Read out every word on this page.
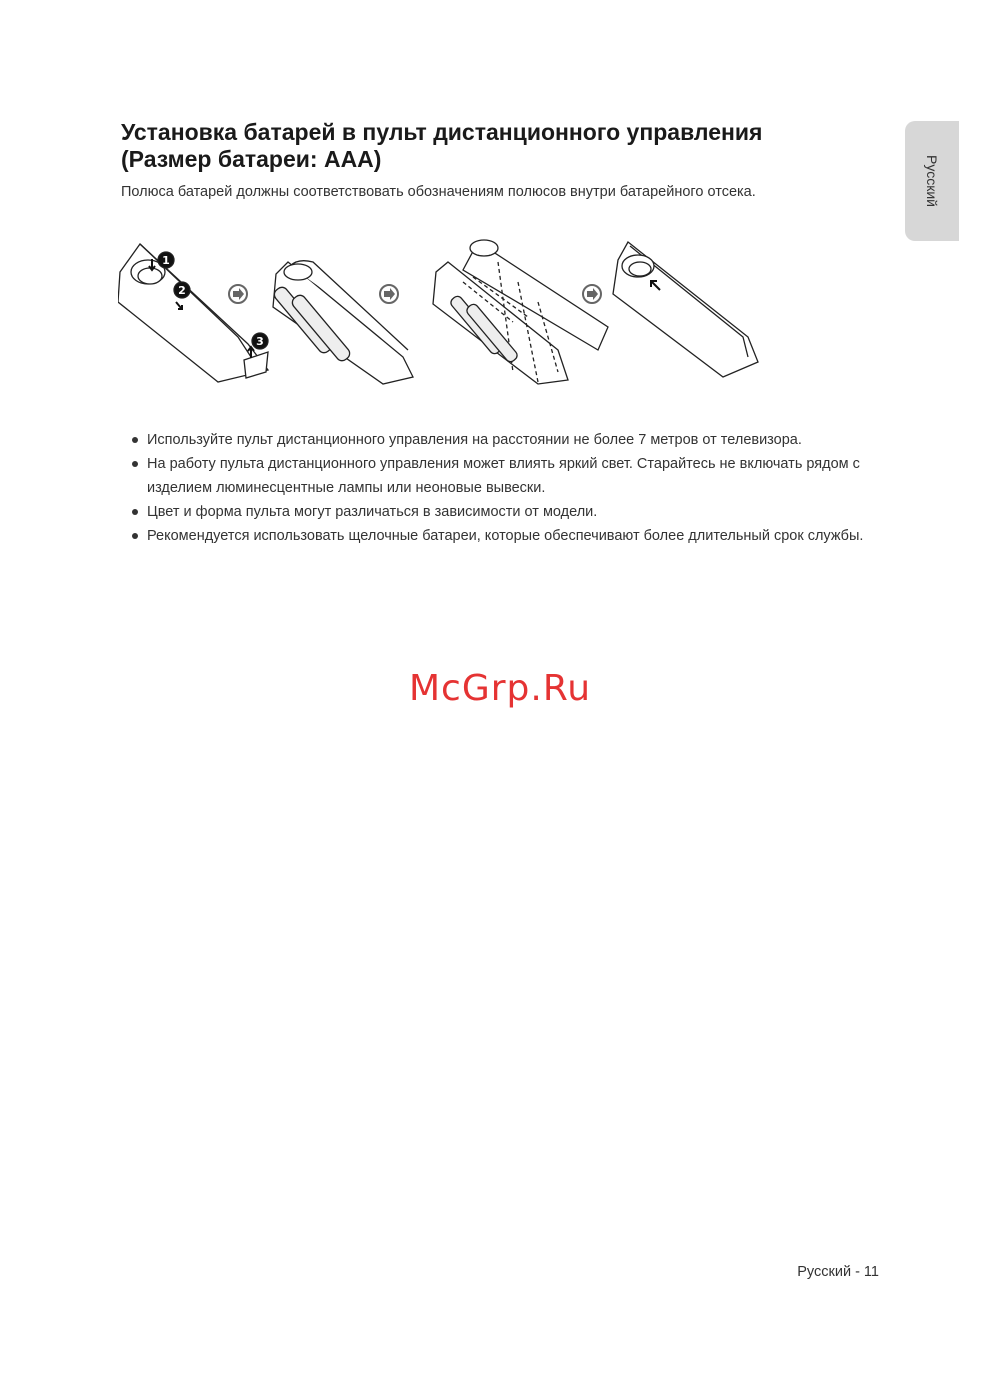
Установка батарей в пульт дистанционного управления (Размер батареи: AAA)
Полюса батарей должны соответствовать обозначениям полюсов внутри батарейного отсека.	Русский
1
2
3
Используйте пульт дистанционного управления на расстоянии не более 7 метров от телевизора.
На работу пульта дистанционного управления может влиять яркий свет. Старайтесь не включать рядом с изделием люминесцентные лампы или неоновые вывески.
Цвет и форма пульта могут различаться в зависимости от модели.
Рекомендуется использовать щелочные батареи, которые обеспечивают более длительный срок службы.
McGrp.Ru
Русский - 11
